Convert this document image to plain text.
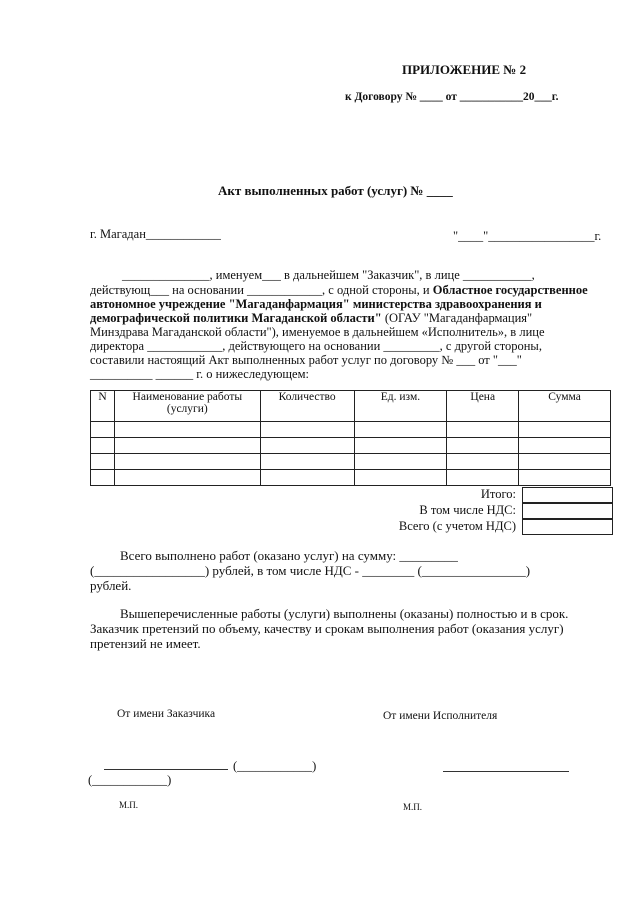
ПРИЛОЖЕНИЕ № 2
к Договору № ____ от ___________20___г.
Акт выполненных работ (услуг) № ____
г. Магадан____________	"____"_________________г.
______________, именуем___ в дальнейшем "Заказчик", в лице ___________,
действующ___ на основании ____________, с одной стороны, и Областное государственное
автономное учреждение "Магаданфармация" министерства здравоохранения и
демографической политики Магаданской области" (ОГАУ "Магаданфармация"
Минздрава Магаданской области"), именуемое в дальнейшем «Исполнитель», в лице
директора ____________, действующего на основании _________, с другой стороны,
составили настоящий Акт выполненных работ услуг по договору № ___ от "___"
__________ ______ г. о нижеследующем:
N	Наименование работы (услуги)	Количество	Ед. изм.	Цена	Сумма

Итого:
В том числе НДС:
Всего (с учетом НДС)
Всего выполнено работ (оказано услуг) на сумму: _________
(_________________) рублей, в том числе НДС - ________ (________________)
рублей.
Вышеперечисленные работы (услуги) выполнены (оказаны) полностью и в срок.
Заказчик претензий по объему, качеству и срокам выполнения работ (оказания услуг)
претензий не имеет.
От имени Заказчика	От имени Исполнителя
(____________)
(____________)
М.П.	М.П.
